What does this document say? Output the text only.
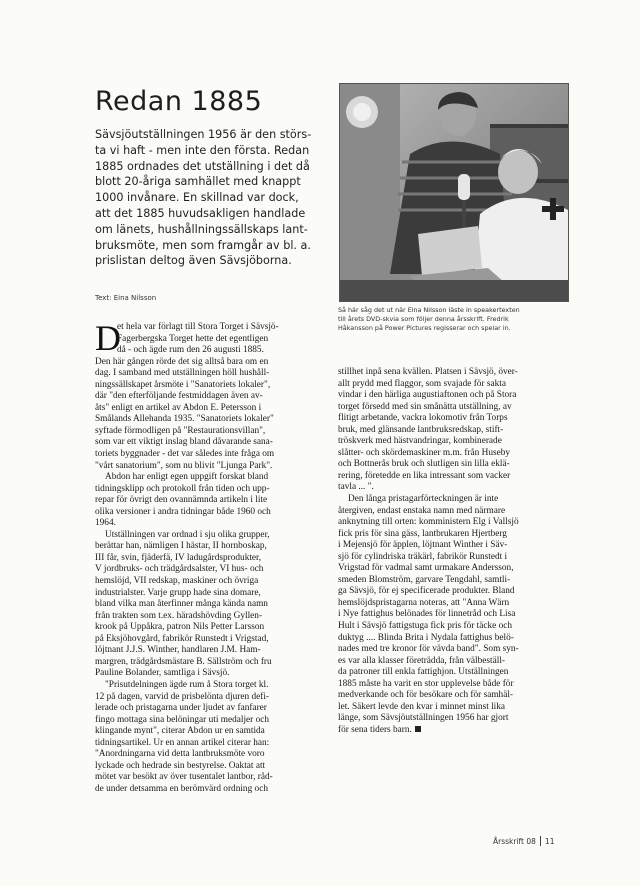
Redan 1885
Sävsjöutställningen 1956 är den störs-
ta vi haft - men inte den första. Redan
1885 ordnades det utställning i det då
blott 20-åriga samhället med knappt
1000 invånare. En skillnad var dock,
att det 1885 huvudsakligen handlade
om länets, hushållningssällskaps lant-
bruksmöte, men som framgår av bl. a.
prislistan deltog även Sävsjöborna.
Text: Eina Nilsson
Så här såg det ut när Eina Nilsson läste in speakertexten
till årets DVD-skvia som följer denna årsskrift. Fredrik
Håkansson på Power Pictures regisserar och spelar in.
D
et hela var förlagt till Stora Torget i Sävsjö-
Fagerbergska Torget hette det egentligen
då - och ägde rum den 26 augusti 1885.
Den här gången rörde det sig alltså bara om en
dag. I samband med utställningen höll hushåll-
ningssällskapet årsmöte i "Sanatoriets lokaler",
där "den efterföljande festmiddagen även av-
åts" enligt en artikel av Abdon E. Petersson i
Smålands Allehanda 1935. "Sanatoriets lokaler"
syftade förmodligen på "Restaurationsvillan",
som var ett viktigt inslag bland dåvarande sana-
toriets byggnader - det var således inte fråga om
"vårt sanatorium", som nu blivit "Ljunga Park".
Abdon har enligt egen uppgift forskat bland
tidningsklipp och protokoll från tiden och upp-
repar för övrigt den ovannämnda artikeln i lite
olika versioner i andra tidningar både 1960 och
1964.
Utställningen var ordnad i sju olika grupper,
berättar han, nämligen I hästar, II hornboskap,
III får, svin, fjäderfä, IV ladugårdsprodukter,
V jordbruks- och trädgårdsalster, VI hus- och
hemslöjd, VII redskap, maskiner och övriga
industrialster. Varje grupp hade sina domare,
bland vilka man återfinner många kända namn
från trakten som t.ex. häradshövding Gyllen-
krook på Uppåkra, patron Nils Petter Larsson
på Eksjöhovgård, fabrikör Runstedt i Vrigstad,
löjtnant J.J.S. Winther, handlaren J.M. Ham-
margren, trädgårdsmästare B. Sällström och fru
Pauline Bolander, samtliga i Sävsjö.
"Prisutdelningen ägde rum å Stora torget kl.
12 på dagen, varvid de prisbelönta djuren defi-
lerade och pristagarna under ljudet av fanfarer
fingo mottaga sina belöningar uti medaljer och
klingande mynt", citerar Abdon ur en samtida
tidningsartikel. Ur en annan artikel citerar han:
"Anordningarna vid detta lantbruksmöte voro
lyckade och hedrade sin bestyrelse. Oaktat att
mötet var besökt av över tusentalet lantbor, råd-
de under detsamma en berömvärd ordning och
stillhet inpå sena kvällen. Platsen i Sävsjö, över-
allt prydd med flaggor, som svajade för sakta
vindar i den härliga augustiaftonen och på Stora
torget försedd med sin smånätta utställning, av
flitigt arbetande, vackra lokomotiv från Torps
bruk, med glänsande lantbruksredskap, stift-
tröskverk med hästvandringar, kombinerade
slåtter- och skördemaskiner m.m. från Huseby
och Bottnerås bruk och slutligen sin lilla eklä-
rering, företedde en lika intressant som vacker
tavla ... ".
Den långa pristagarförteckningen är inte
återgiven, endast enstaka namn med närmare
anknytning till orten: komministern Elg i Vallsjö
fick pris för sina gäss, lantbrukaren Hjertberg
i Mejensjö för äpplen, löjtnant Winther i Säv-
sjö för cylindriska träkärl, fabrikör Runstedt i
Vrigstad för vadmal samt urmakare Andersson,
smeden Blomström, garvare Tengdahl, samtli-
ga Sävsjö, för ej specificerade produkter. Bland
hemslöjdspristagarna noteras, att "Anna Wärn
i Nye fattighus belönades för linnetråd och Lisa
Hult i Sävsjö fattigstuga fick pris för täcke och
duktyg .... Blinda Brita i Nydala fattighus belö-
nades med tre kronor för vävda band". Som syn-
es var alla klasser företrädda, från välbeställ-
da patroner till enkla fattighjon. Utställningen
1885 måste ha varit en stor upplevelse både för
medverkande och för besökare och för samhäl-
let. Säkert levde den kvar i minnet minst lika
länge, som Sävsjöutställningen 1956 har gjort
för sena tiders barn.
Årsskrift 08 11
